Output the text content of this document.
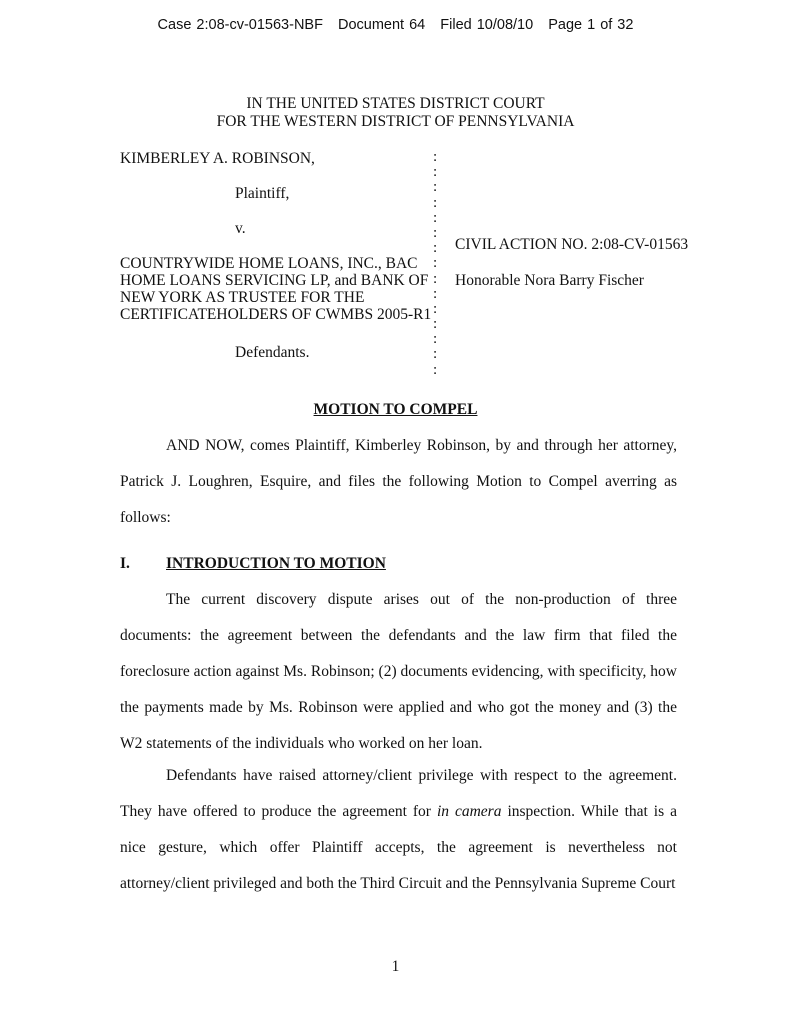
Case 2:08-cv-01563-NBF Document 64 Filed 10/08/10 Page 1 of 32
IN THE UNITED STATES DISTRICT COURT
FOR THE WESTERN DISTRICT OF PENNSYLVANIA
KIMBERLEY A. ROBINSON,
Plaintiff,
v.
COUNTRYWIDE HOME LOANS, INC., BAC
HOME LOANS SERVICING LP, and BANK OF
NEW YORK AS TRUSTEE FOR THE
CERTIFICATEHOLDERS OF CWMBS 2005-R1
Defendants.
CIVIL ACTION NO. 2:08-CV-01563
Honorable Nora Barry Fischer
:
:
:
:
:
:
:
:
:
:
:
:
:
:
:
MOTION TO COMPEL
AND NOW, comes Plaintiff, Kimberley Robinson, by and through her attorney, Patrick J. Loughren, Esquire, and files the following Motion to Compel averring as follows:
I. INTRODUCTION TO MOTION
The current discovery dispute arises out of the non-production of three documents: the agreement between the defendants and the law firm that filed the foreclosure action against Ms. Robinson; (2) documents evidencing, with specificity, how the payments made by Ms. Robinson were applied and who got the money and (3) the W2 statements of the individuals who worked on her loan.
Defendants have raised attorney/client privilege with respect to the agreement. They have offered to produce the agreement for in camera inspection. While that is a nice gesture, which offer Plaintiff accepts, the agreement is nevertheless not attorney/client privileged and both the Third Circuit and the Pennsylvania Supreme Court
1
